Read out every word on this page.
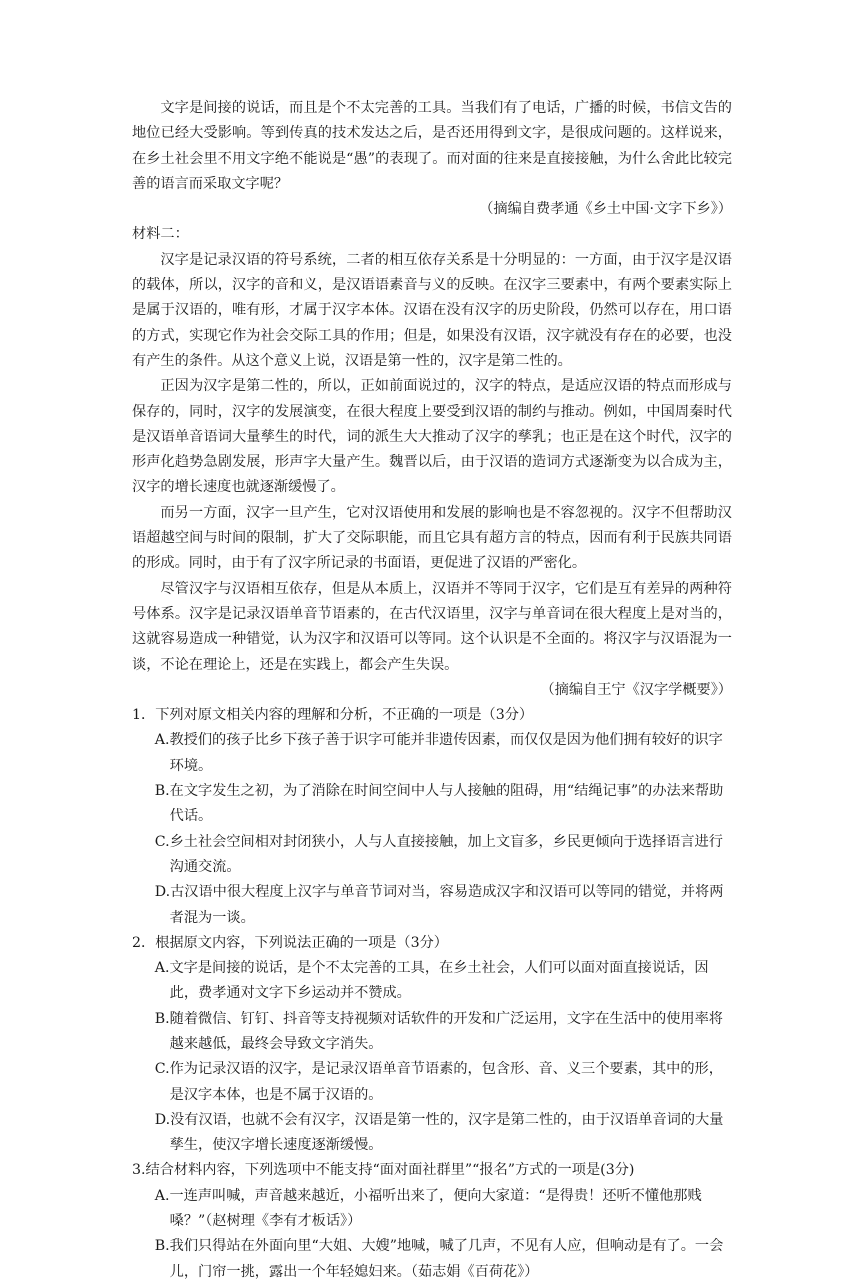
文字是间接的说话，而且是个不太完善的工具。当我们有了电话，广播的时候，书信文告的地位已经大受影响。等到传真的技术发达之后，是否还用得到文字，是很成问题的。这样说来，在乡土社会里不用文字绝不能说是“愚”的表现了。而对面的往来是直接接触，为什么舍此比较完善的语言而采取文字呢？

（摘编自费孝通《乡土中国·文字下乡》）

材料二：

汉字是记录汉语的符号系统，二者的相互依存关系是十分明显的：一方面，由于汉字是汉语的载体，所以，汉字的音和义，是汉语语素音与义的反映。在汉字三要素中，有两个要素实际上是属于汉语的，唯有形，才属于汉字本体。汉语在没有汉字的历史阶段，仍然可以存在，用口语的方式，实现它作为社会交际工具的作用；但是，如果没有汉语，汉字就没有存在的必要，也没有产生的条件。从这个意义上说，汉语是第一性的，汉字是第二性的。

正因为汉字是第二性的，所以，正如前面说过的，汉字的特点，是适应汉语的特点而形成与保存的，同时，汉字的发展演变，在很大程度上要受到汉语的制约与推动。例如，中国周秦时代是汉语单音语词大量孳生的时代，词的派生大大推动了汉字的孳乳；也正是在这个时代，汉字的形声化趋势急剧发展，形声字大量产生。魏晋以后，由于汉语的造词方式逐渐变为以合成为主，汉字的增长速度也就逐渐缓慢了。

而另一方面，汉字一旦产生，它对汉语使用和发展的影响也是不容忽视的。汉字不但帮助汉语超越空间与时间的限制，扩大了交际职能，而且它具有超方言的特点，因而有利于民族共同语的形成。同时，由于有了汉字所记录的书面语，更促进了汉语的严密化。

尽管汉字与汉语相互依存，但是从本质上，汉语并不等同于汉字，它们是互有差异的两种符号体系。汉字是记录汉语单音节语素的，在古代汉语里，汉字与单音词在很大程度上是对当的，这就容易造成一种错觉，认为汉字和汉语可以等同。这个认识是不全面的。将汉字与汉语混为一谈，不论在理论上，还是在实践上，都会产生失误。

（摘编自王宁《汉字学概要》）

1．下列对原文相关内容的理解和分析，不正确的一项是（3分）

A.教授们的孩子比乡下孩子善于识字可能并非遗传因素，而仅仅是因为他们拥有较好的识字环境。
B.在文字发生之初，为了消除在时间空间中人与人接触的阻碍，用“结绳记事”的办法来帮助代话。
C.乡土社会空间相对封闭狭小，人与人直接接触，加上文盲多，乡民更倾向于选择语言进行沟通交流。
D.古汉语中很大程度上汉字与单音节词对当，容易造成汉字和汉语可以等同的错觉，并将两者混为一谈。

2．根据原文内容，下列说法正确的一项是（3分）

A.文字是间接的说话，是个不太完善的工具，在乡土社会，人们可以面对面直接说话，因此，费孝通对文字下乡运动并不赞成。
B.随着微信、钉钉、抖音等支持视频对话软件的开发和广泛运用，文字在生活中的使用率将越来越低，最终会导致文字消失。
C.作为记录汉语的汉字，是记录汉语单音节语素的，包含形、音、义三个要素，其中的形，是汉字本体，也是不属于汉语的。
D.没有汉语，也就不会有汉字，汉语是第一性的，汉字是第二性的，由于汉语单音词的大量孳生，使汉字增长速度逐渐缓慢。

3.结合材料内容，下列选项中不能支持“面对面社群里”“报名”方式的一项是(3分)

A.一连声叫喊，声音越来越近，小福听出来了，便向大家道：“是得贵！还听不懂他那贱嗓？”（赵树理《李有才板话》）
B.我们只得站在外面向里“大姐、大嫂”地喊，喊了几声，不见有人应，但响动是有了。一会儿，门帘一挑，露出一个年轻媳妇来。（茹志娟《百荷花》）
